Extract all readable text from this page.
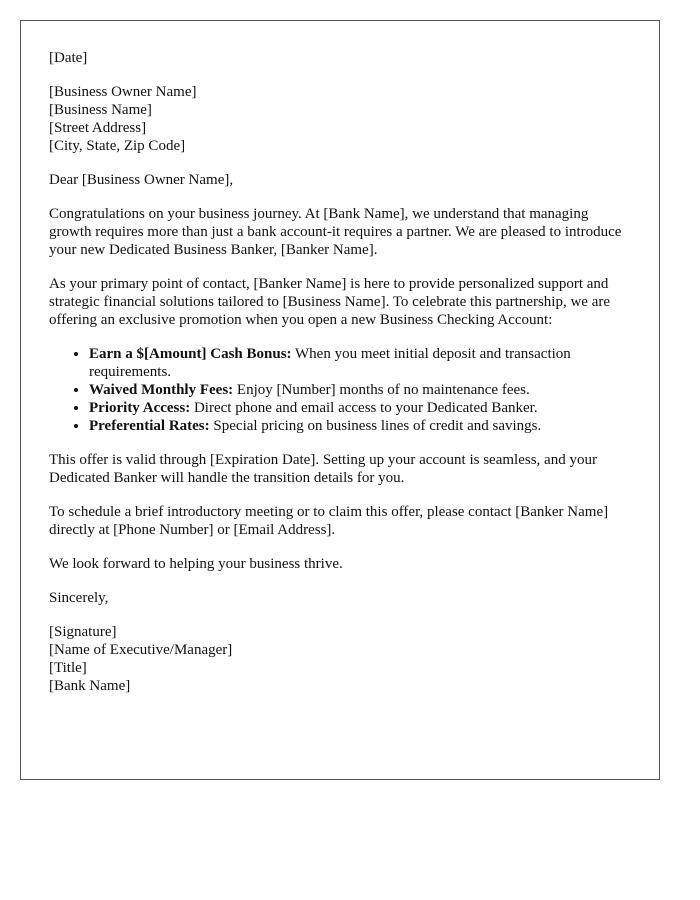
[Date]

[Business Owner Name]
[Business Name]
[Street Address]
[City, State, Zip Code]

Dear [Business Owner Name],

Congratulations on your business journey. At [Bank Name], we understand that managing growth requires more than just a bank account-it requires a partner. We are pleased to introduce your new Dedicated Business Banker, [Banker Name].

As your primary point of contact, [Banker Name] is here to provide personalized support and strategic financial solutions tailored to [Business Name]. To celebrate this partnership, we are offering an exclusive promotion when you open a new Business Checking Account:

• Earn a $[Amount] Cash Bonus: When you meet initial deposit and transaction requirements.
• Waived Monthly Fees: Enjoy [Number] months of no maintenance fees.
• Priority Access: Direct phone and email access to your Dedicated Banker.
• Preferential Rates: Special pricing on business lines of credit and savings.

This offer is valid through [Expiration Date]. Setting up your account is seamless, and your Dedicated Banker will handle the transition details for you.

To schedule a brief introductory meeting or to claim this offer, please contact [Banker Name] directly at [Phone Number] or [Email Address].

We look forward to helping your business thrive.

Sincerely,

[Signature]
[Name of Executive/Manager]
[Title]
[Bank Name]
